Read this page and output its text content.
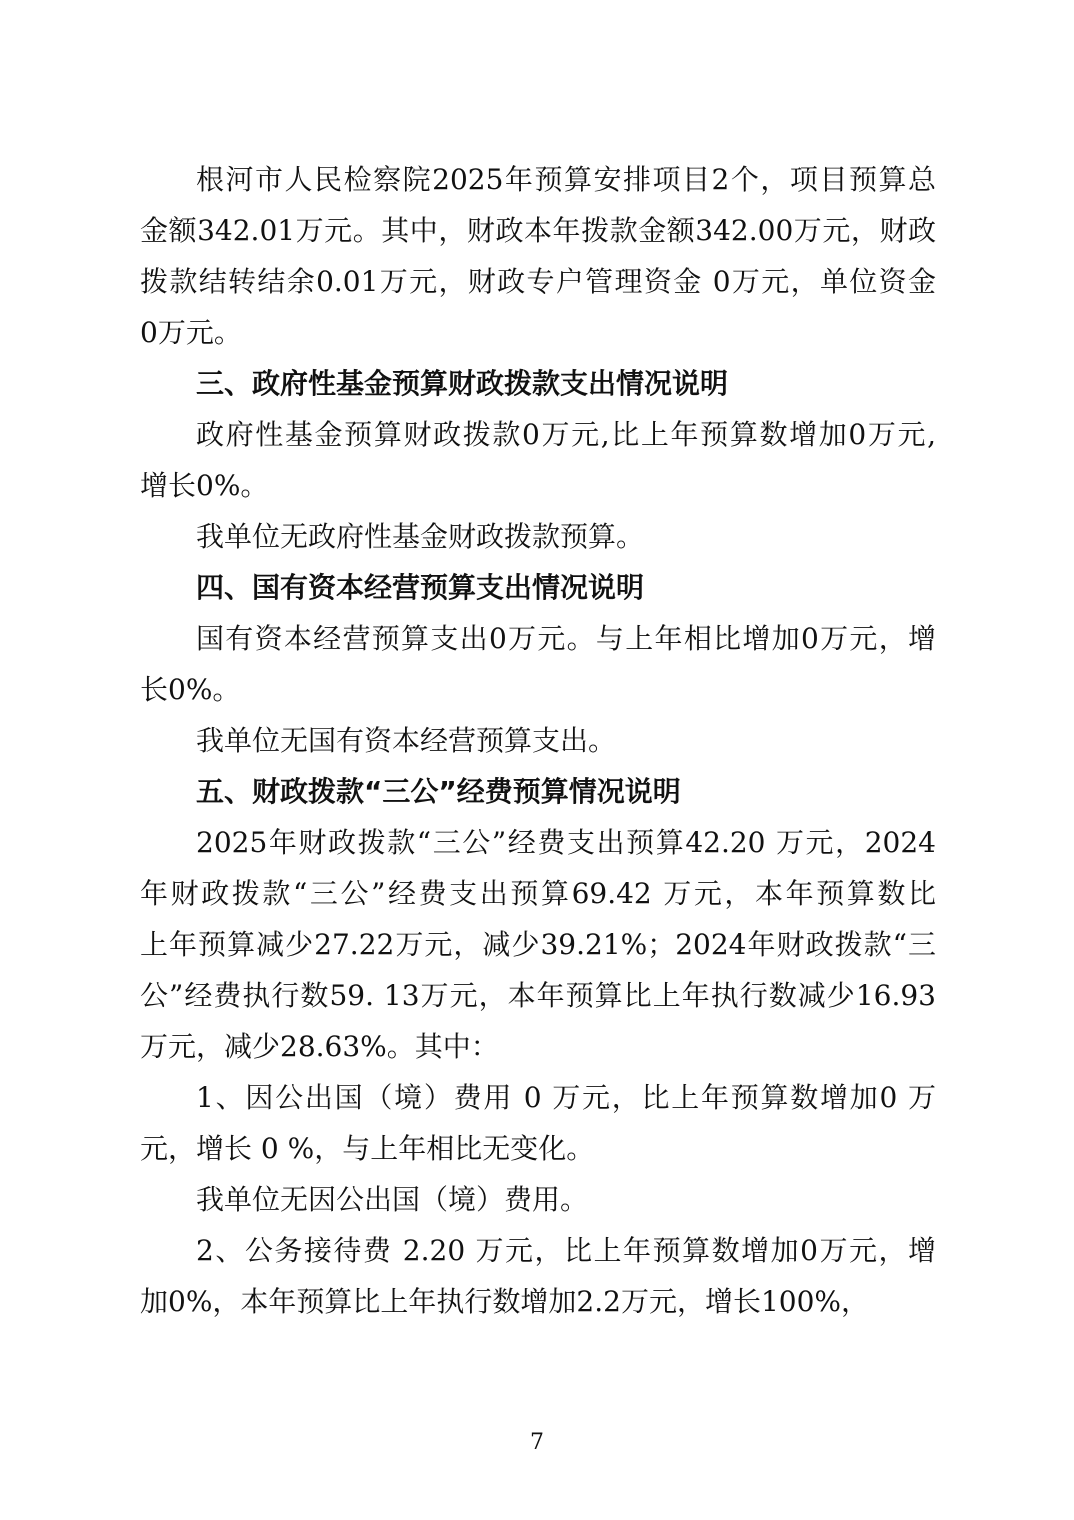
根河市人民检察院2025年预算安排项目2个，项目预算总
金额342.01万元。其中，财政本年拨款金额342.00万元，财政
拨款结转结余0.01万元，财政专户管理资金 0万元，单位资金
0万元。
三、政府性基金预算财政拨款支出情况说明
政府性基金预算财政拨款0万元,比上年预算数增加0万元,
增长0%。
我单位无政府性基金财政拨款预算。
四、国有资本经营预算支出情况说明
国有资本经营预算支出0万元。与上年相比增加0万元，增
长0%。
我单位无国有资本经营预算支出。
五、财政拨款“三公”经费预算情况说明
2025年财政拨款“三公”经费支出预算42.20 万元，2024
年财政拨款“三公”经费支出预算69.42 万元，本年预算数比
上年预算减少27.22万元，减少39.21%；2024年财政拨款“三
公”经费执行数59. 13万元，本年预算比上年执行数减少16.93
万元，减少28.63%。其中：
1、因公出国（境）费用 0 万元，比上年预算数增加0 万
元，增长 0 %，与上年相比无变化。
我单位无因公出国（境）费用。
2、公务接待费 2.20 万元，比上年预算数增加0万元，增
加0%，本年预算比上年执行数增加2.2万元，增长100%，
7
